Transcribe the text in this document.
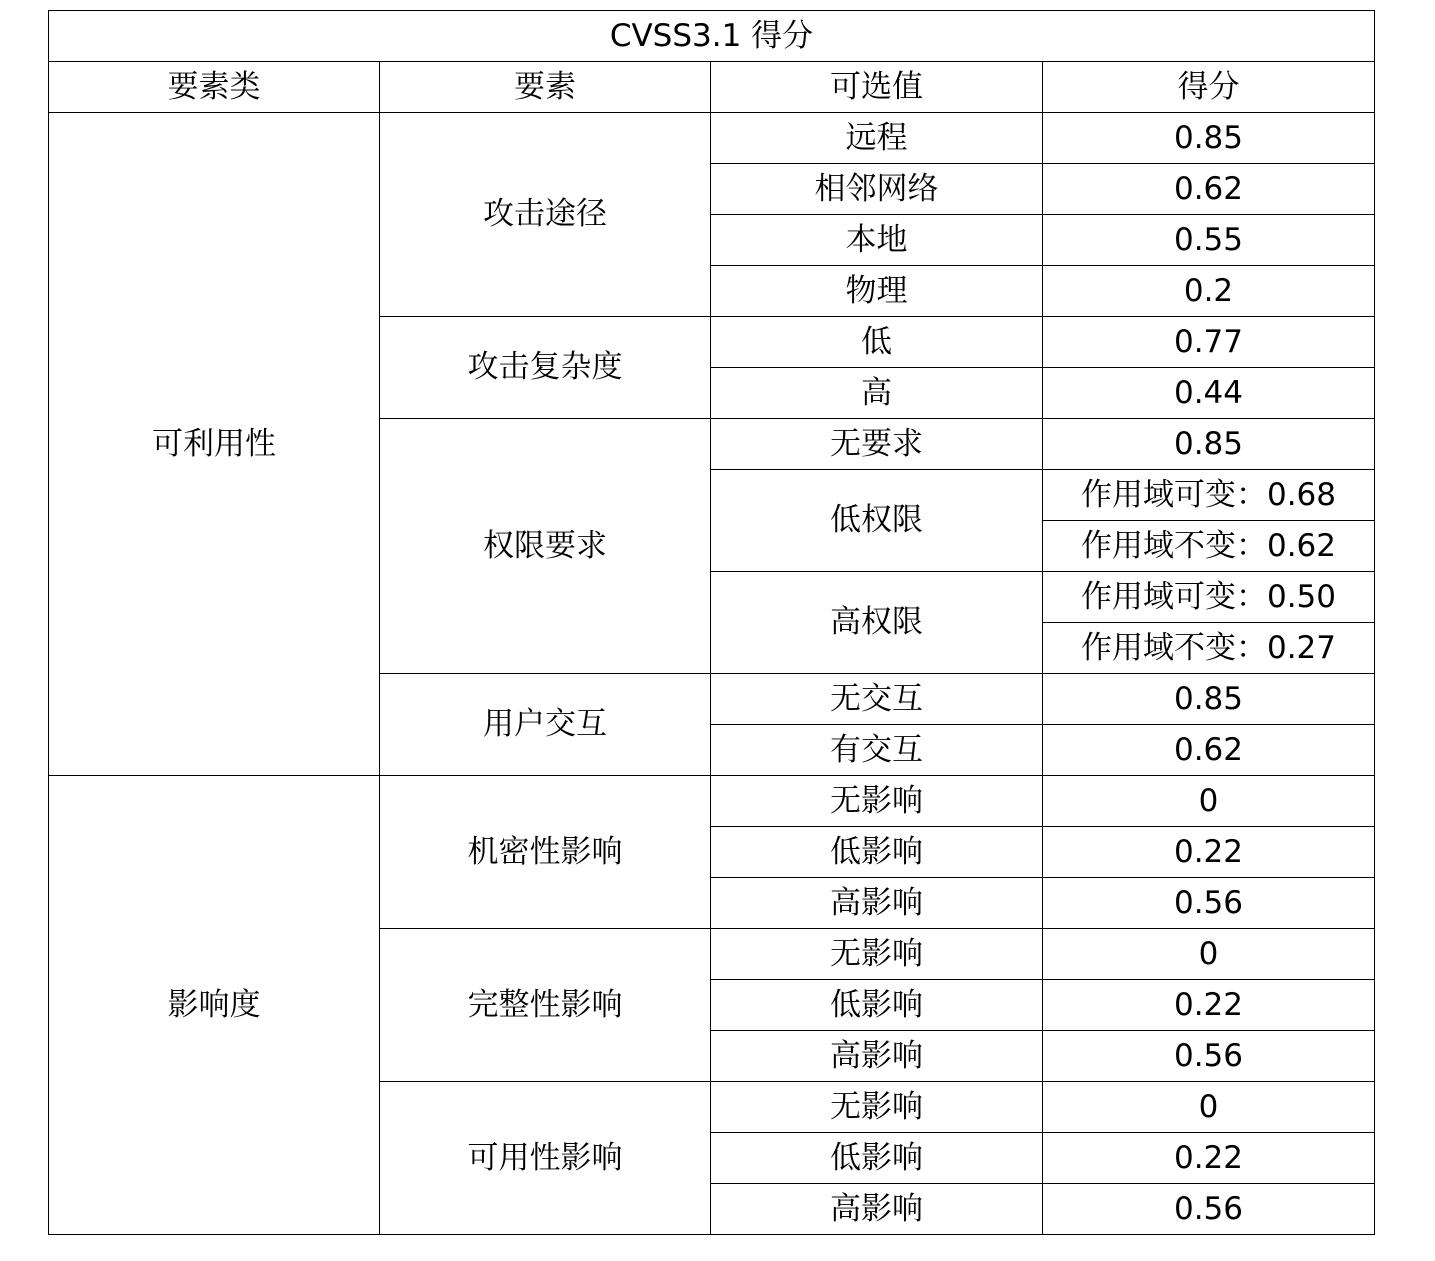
CVSS3.1 得分			
要素类	要素	可选值	得分
可利用性	攻击途径	远程	0.85
		相邻网络	0.62
		本地	0.55
		物理	0.2
	攻击复杂度	低	0.77
		高	0.44
	权限要求	无要求	0.85
		低权限	作用域可变：0.68
			作用域不变：0.62
		高权限	作用域可变：0.50
			作用域不变：0.27
	用户交互	无交互	0.85
		有交互	0.62
影响度	机密性影响	无影响	0
		低影响	0.22
		高影响	0.56
	完整性影响	无影响	0
		低影响	0.22
		高影响	0.56
	可用性影响	无影响	0
		低影响	0.22
		高影响	0.56
